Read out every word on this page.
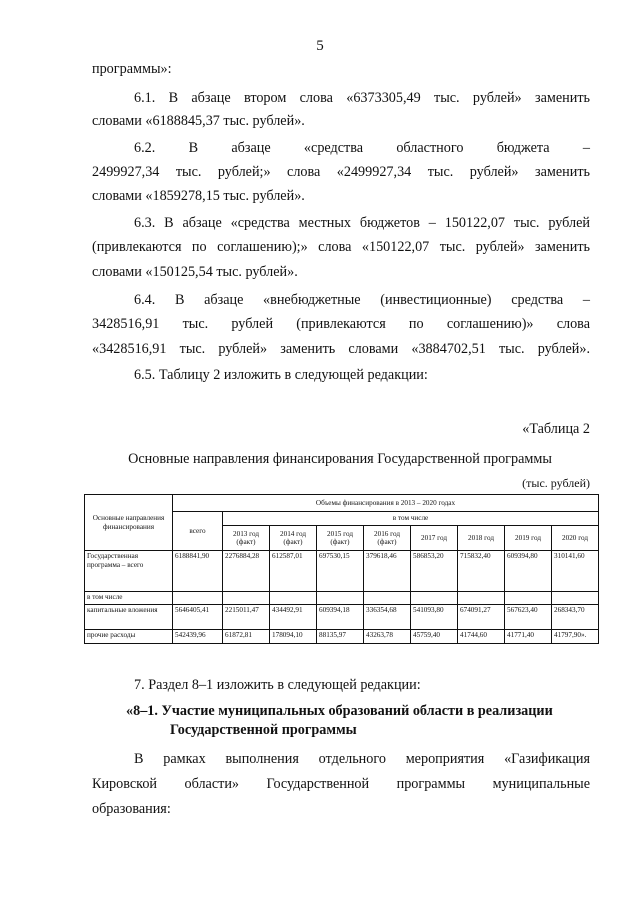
5
программы»:
6.1. В абзаце втором слова «6373305,49 тыс. рублей» заменить
словами «6188845,37 тыс. рублей».
6.2. В абзаце «средства областного бюджета –
2499927,34 тыс. рублей;» слова «2499927,34 тыс. рублей» заменить
словами «1859278,15 тыс. рублей».
6.3. В абзаце «средства местных бюджетов – 150122,07 тыс. рублей
(привлекаются по соглашению);» слова «150122,07 тыс. рублей» заменить
словами «150125,54 тыс. рублей».
6.4. В абзаце «внебюджетные (инвестиционные) средства –
3428516,91 тыс. рублей (привлекаются по соглашению)» слова
«3428516,91 тыс. рублей» заменить словами «3884702,51 тыс. рублей».
6.5. Таблицу 2 изложить в следующей редакции:
«Таблица 2
Основные направления финансирования Государственной программы
(тыс. рублей)
Основные направления финансирования	Объемы финансирования в 2013 – 2020 годах								
	всего	в том числе							
		2013 год (факт)	2014 год (факт)	2015 год (факт)	2016 год (факт)	2017 год	2018 год	2019 год	2020 год
Государственная программа – всего	6188841,90	2276884,28	612587,01	697530,15	379618,46	586853,20	715832,40	609394,80	310141,60
в том числе									
капитальные вложения	5646405,41	2215011,47	434492,91	609394,18	336354,68	541093,80	674091,27	567623,40	268343,70
прочие расходы	542439,96	61872,81	178094,10	88135,97	43263,78	45759,40	41744,60	41771,40	41797,90».
7. Раздел 8–1 изложить в следующей редакции:
«8–1. Участие муниципальных образований области в реализации
Государственной программы
В рамках выполнения отдельного мероприятия «Газификация
Кировской области» Государственной программы муниципальные
образования:
